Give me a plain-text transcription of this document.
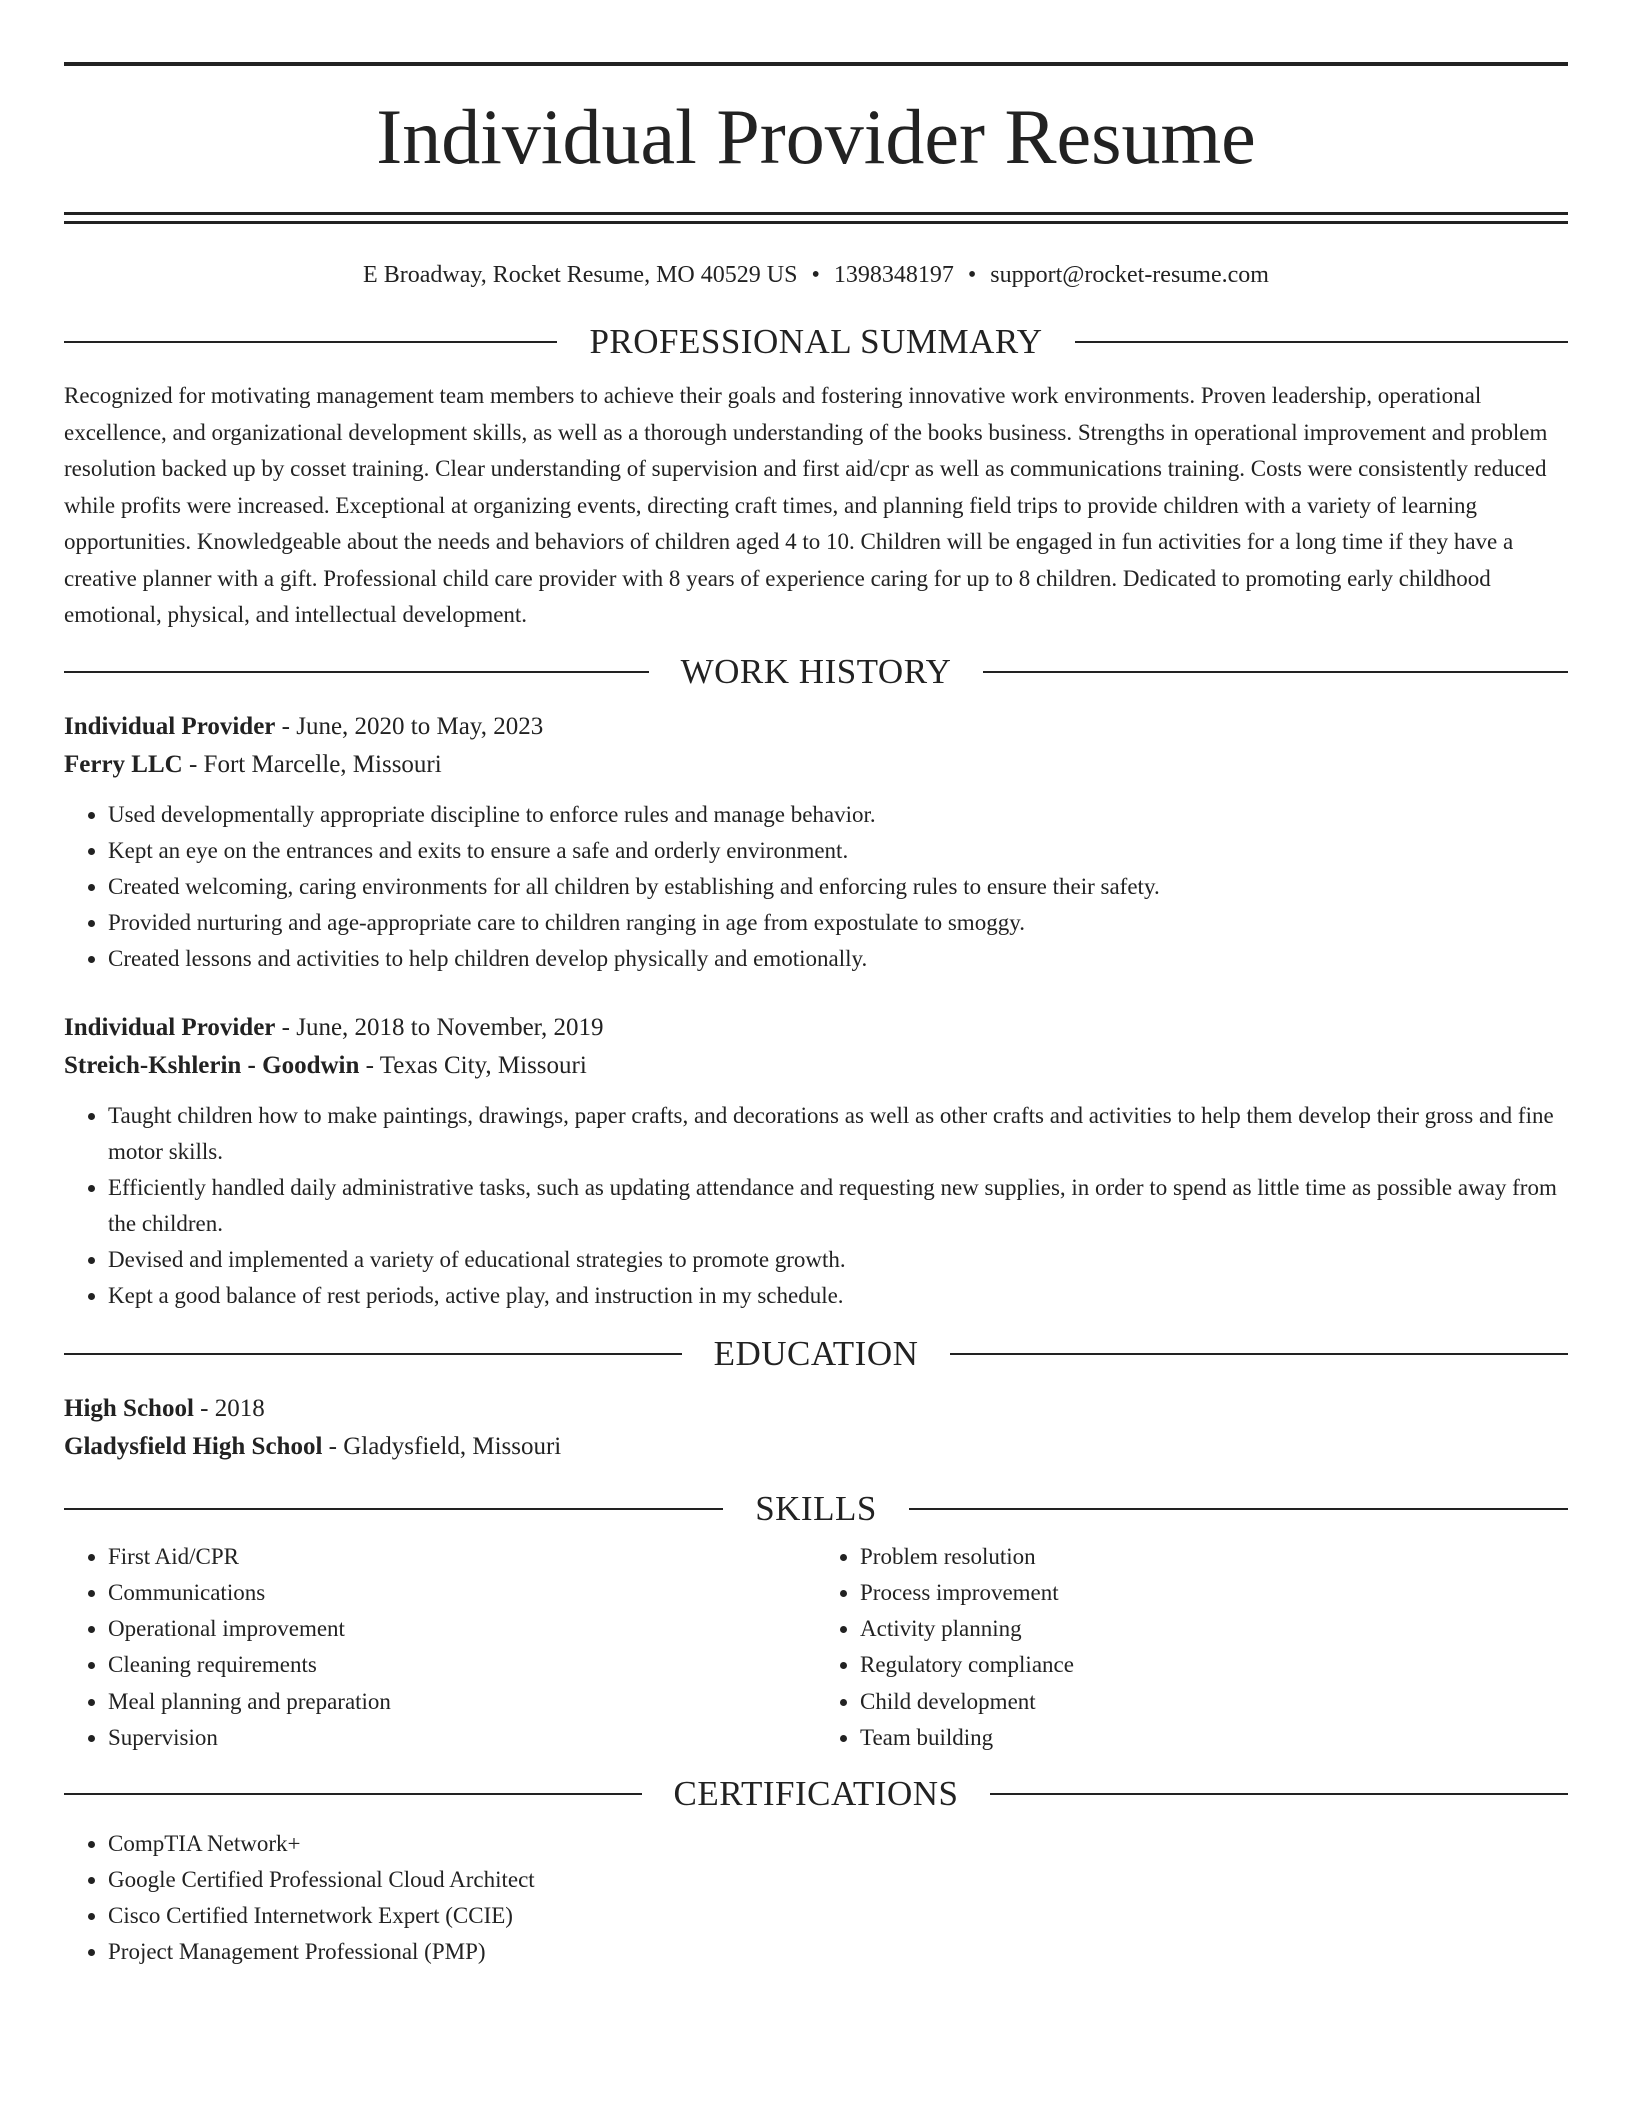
Individual Provider Resume
E Broadway, Rocket Resume, MO 40529 US • 1398348197 • support@rocket-resume.com
PROFESSIONAL SUMMARY
Recognized for motivating management team members to achieve their goals and fostering innovative work environments. Proven leadership, operational excellence, and organizational development skills, as well as a thorough understanding of the books business. Strengths in operational improvement and problem resolution backed up by cosset training. Clear understanding of supervision and first aid/cpr as well as communications training. Costs were consistently reduced while profits were increased. Exceptional at organizing events, directing craft times, and planning field trips to provide children with a variety of learning opportunities. Knowledgeable about the needs and behaviors of children aged 4 to 10. Children will be engaged in fun activities for a long time if they have a creative planner with a gift. Professional child care provider with 8 years of experience caring for up to 8 children. Dedicated to promoting early childhood emotional, physical, and intellectual development.
WORK HISTORY
Individual Provider - June, 2020 to May, 2023
Ferry LLC - Fort Marcelle, Missouri
• Used developmentally appropriate discipline to enforce rules and manage behavior.
• Kept an eye on the entrances and exits to ensure a safe and orderly environment.
• Created welcoming, caring environments for all children by establishing and enforcing rules to ensure their safety.
• Provided nurturing and age-appropriate care to children ranging in age from expostulate to smoggy.
• Created lessons and activities to help children develop physically and emotionally.
Individual Provider - June, 2018 to November, 2019
Streich-Kshlerin - Goodwin - Texas City, Missouri
• Taught children how to make paintings, drawings, paper crafts, and decorations as well as other crafts and activities to help them develop their gross and fine motor skills.
• Efficiently handled daily administrative tasks, such as updating attendance and requesting new supplies, in order to spend as little time as possible away from the children.
• Devised and implemented a variety of educational strategies to promote growth.
• Kept a good balance of rest periods, active play, and instruction in my schedule.
EDUCATION
High School - 2018
Gladysfield High School - Gladysfield, Missouri
SKILLS
• First Aid/CPR
• Communications
• Operational improvement
• Cleaning requirements
• Meal planning and preparation
• Supervision
• Problem resolution
• Process improvement
• Activity planning
• Regulatory compliance
• Child development
• Team building
CERTIFICATIONS
• CompTIA Network+
• Google Certified Professional Cloud Architect
• Cisco Certified Internetwork Expert (CCIE)
• Project Management Professional (PMP)
